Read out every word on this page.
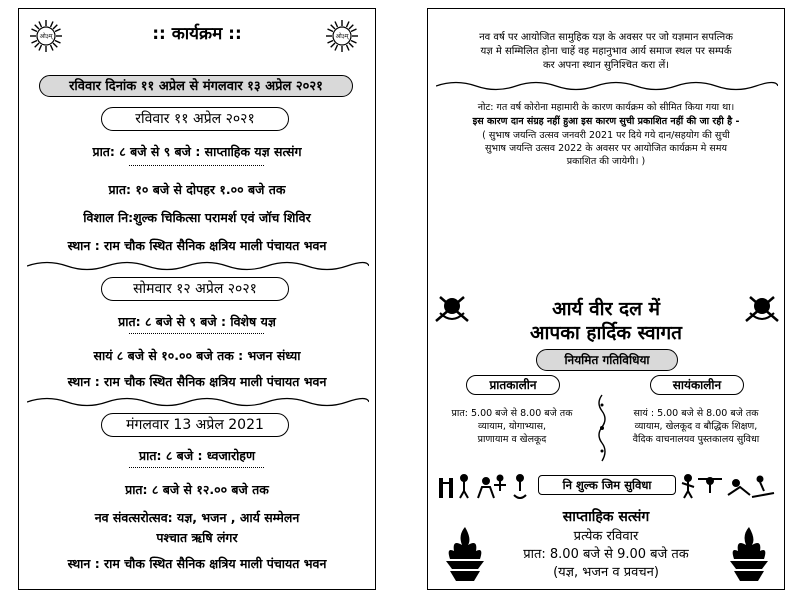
ओ३म्	:: कार्यक्रम ::	ओ३म्
रविवार दिनांक ११ अप्रेल से मंगलवार १३ अप्रेल २०२१
रविवार ११ अप्रेल २०२१
प्रात: ८ बजे से ९ बजे : साप्ताहिक यज्ञ सत्संग
प्रात: १० बजे से दोपहर १.०० बजे तक
विशाल नि:शुल्क चिकित्सा परामर्श एवं जॉच शिविर
स्थान : राम चौक स्थित सैनिक क्षत्रिय माली पंचायत भवन
सोमवार १२ अप्रेल २०२१
प्रात: ८ बजे से ९ बजे : विशेष यज्ञ
सायं ८ बजे से १०.०० बजे तक : भजन संध्या
स्थान : राम चौक स्थित सैनिक क्षत्रिय माली पंचायत भवन
मंगलवार 13 अप्रेल 2021
प्रात: ८ बजे : ध्वजारोहण
प्रात: ८ बजे से १२.०० बजे तक
नव संवत्सरोत्सव: यज्ञ, भजन , आर्य सम्मेलन
पश्चात ऋषि लंगर
स्थान : राम चौक स्थित सैनिक क्षत्रिय माली पंचायत भवन
नव वर्ष पर आयोजित सामुहिक यज्ञ के अवसर पर जो यज्ञमान सपत्निक
यज्ञ मे सम्मिलित होना चाहें वह महानुभाव आर्य समाज स्थल पर सम्पर्क
कर अपना स्थान सुनिश्चित करा लें।
नोट: गत वर्ष कोरोना महामारी के कारण कार्यक्रम को सीमित किया गया था।
इस कारण दान संग्रह नहीं हुआ इस कारण सुची प्रकाशित नहीं की जा रही है -
( सुभाष जयन्ति उत्सव जनवरी 2021 पर दिये गये दान/सहयोग की सुची
सुभाष जयन्ति उत्सव 2022 के अवसर पर आयोजित कार्यक्रम मे समय
प्रकाशित की जायेगी। )
आर्य वीर दल में
आपका हार्दिक स्वागत
नियमित गतिविधिया
प्रातकालीन	सायंकालीन
प्रात: 5.00 बजे से 8.00 बजे तक
व्यायाम, योगाभ्यास,
प्राणायाम व खेलकूद
सायं : 5.00 बजे से 8.00 बजे तक
व्यायाम, खेलकूद व बौद्धिक शिक्षण,
वैदिक वाचनालयव पुस्तकालय सुविधा
नि शुल्क जिम सुविधा
साप्ताहिक सत्संग
प्रत्येक रविवार
प्रात: 8.00 बजे से 9.00 बजे तक
(यज्ञ, भजन व प्रवचन)
